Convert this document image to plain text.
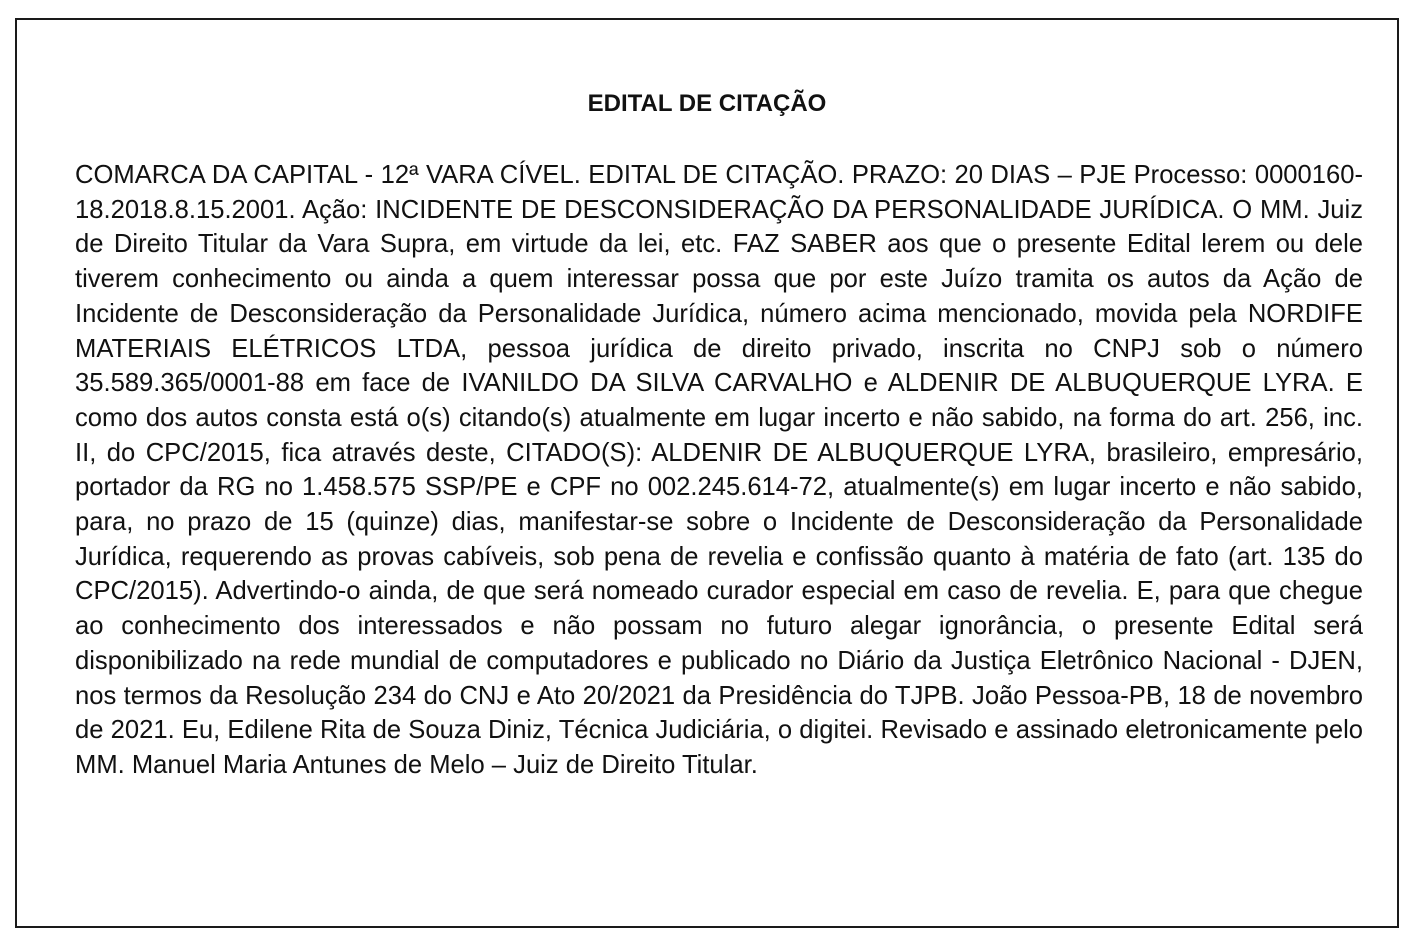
EDITAL DE CITAÇÃO

COMARCA DA CAPITAL - 12ª VARA CÍVEL. EDITAL DE CITAÇÃO. PRAZO: 20 DIAS – PJE Processo: 0000160-18.2018.8.15.2001. Ação: INCIDENTE DE DESCONSIDERAÇÃO DA PERSONALIDADE JURÍDICA. O MM. Juiz de Direito Titular da Vara Supra, em virtude da lei, etc. FAZ SABER aos que o presente Edital lerem ou dele tiverem conhecimento ou ainda a quem interessar possa que por este Juízo tramita os autos da Ação de Incidente de Desconsideração da Personalidade Jurídica, número acima mencionado, movida pela NORDIFE MATERIAIS ELÉTRICOS LTDA, pessoa jurídica de direito privado, inscrita no CNPJ sob o número 35.589.365/0001-88 em face de IVANILDO DA SILVA CARVALHO e ALDENIR DE ALBUQUERQUE LYRA. E como dos autos consta está o(s) citando(s) atualmente em lugar incerto e não sabido, na forma do art. 256, inc. II, do CPC/2015, fica através deste, CITADO(S): ALDENIR DE ALBUQUERQUE LYRA, brasileiro, empresário, portador da RG no 1.458.575 SSP/PE e CPF no 002.245.614-72, atualmente(s) em lugar incerto e não sabido, para, no prazo de 15 (quinze) dias, manifestar-se sobre o Incidente de Desconsideração da Personalidade Jurídica, requerendo as provas cabíveis, sob pena de revelia e confissão quanto à matéria de fato (art. 135 do CPC/2015). Advertindo-o ainda, de que será nomeado curador especial em caso de revelia. E, para que chegue ao conhecimento dos interessados e não possam no futuro alegar ignorância, o presente Edital será disponibilizado na rede mundial de computadores e publicado no Diário da Justiça Eletrônico Nacional - DJEN, nos termos da Resolução 234 do CNJ e Ato 20/2021 da Presidência do TJPB. João Pessoa-PB, 18 de novembro de 2021. Eu, Edilene Rita de Souza Diniz, Técnica Judiciária, o digitei. Revisado e assinado eletronicamente pelo MM. Manuel Maria Antunes de Melo – Juiz de Direito Titular.
